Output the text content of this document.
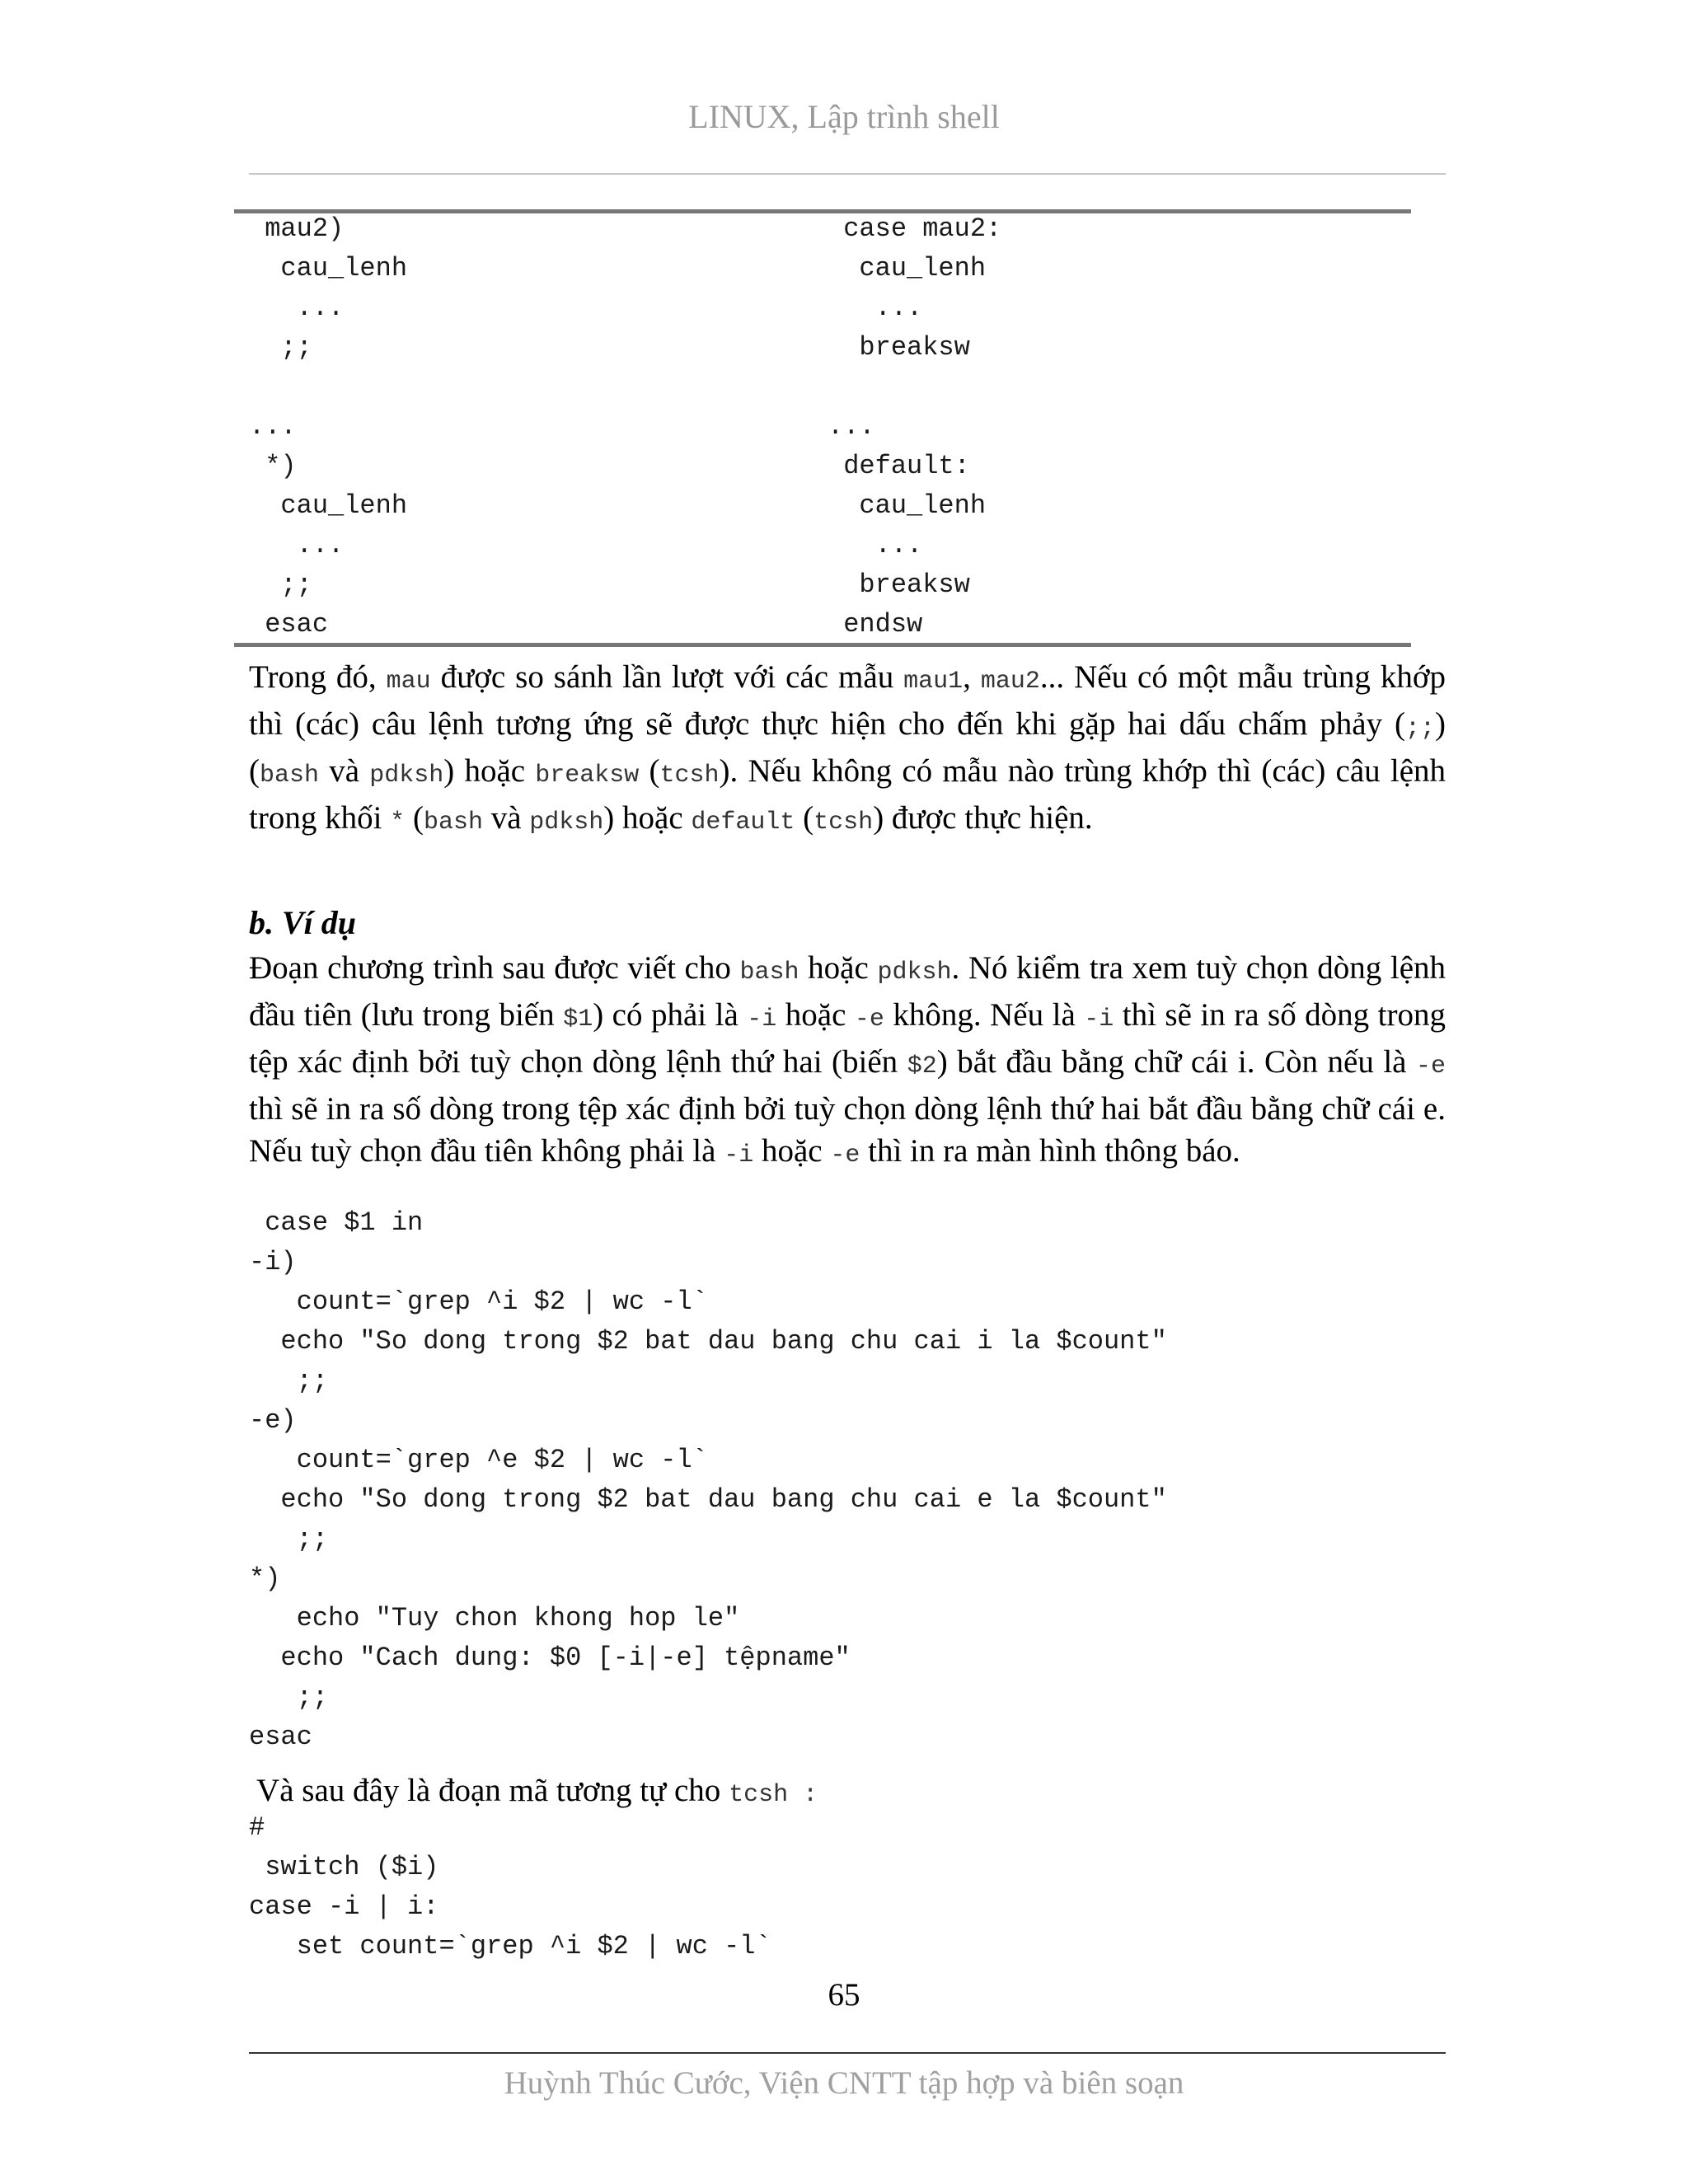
LINUX, Lập trình shell
mau2)
cau_lenh
...
;;

...
*)
cau_lenh
...
;;
esac
case mau2:
cau_lenh
...
breaksw

...
default:
cau_lenh
...
breaksw
endsw

Trong đó, mau được so sánh lần lượt với các mẫu mau1, mau2... Nếu có một mẫu trùng khớp thì (các) câu lệnh tương ứng sẽ được thực hiện cho đến khi gặp hai dấu chấm phảy (;;) (bash và pdksh) hoặc breaksw (tcsh). Nếu không có mẫu nào trùng khớp thì (các) câu lệnh trong khối * (bash và pdksh) hoặc default (tcsh) được thực hiện.

b. Ví dụ

Đoạn chương trình sau được viết cho bash hoặc pdksh. Nó kiểm tra xem tuỳ chọn dòng lệnh đầu tiên (lưu trong biến $1) có phải là -i hoặc -e không. Nếu là -i thì sẽ in ra số dòng trong tệp xác định bởi tuỳ chọn dòng lệnh thứ hai (biến $2) bắt đầu bằng chữ cái i. Còn nếu là -e thì sẽ in ra số dòng trong tệp xác định bởi tuỳ chọn dòng lệnh thứ hai bắt đầu bằng chữ cái e. Nếu tuỳ chọn đầu tiên không phải là -i hoặc -e thì in ra màn hình thông báo.

case $1 in
-i)
count=`grep ^i $2 | wc -l`
echo "So dong trong $2 bat dau bang chu cai i la $count"
;;
-e)
count=`grep ^e $2 | wc -l`
echo "So dong trong $2 bat dau bang chu cai e la $count"
;;
*)
echo "Tuy chon khong hop le"
echo "Cach dung: $0 [-i|-e] tệpname"
;;
esac

Và sau đây là đoạn mã tương tự cho tcsh :

#
switch ($i)
case -i | i:
set count=`grep ^i $2 | wc -l`
65
Huỳnh Thúc Cước, Viện CNTT tập hợp và biên soạn
